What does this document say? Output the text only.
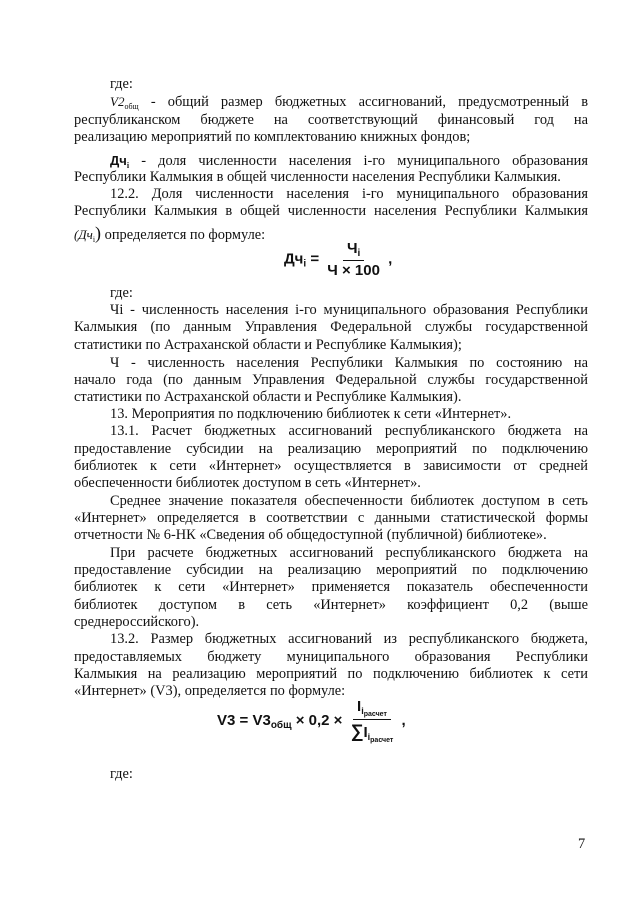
где:
$V2_{общ}$ - общий размер бюджетных ассигнований, предусмотренный в
республиканском бюджете на соответствующий финансовый год на
реализацию мероприятий по комплектованию книжных фондов;
$Дч_i$ - доля численности населения i-го муниципального образования
Республики Калмыкия в общей численности населения Республики Калмыкия.
12.2. Доля численности населения i-го муниципального образования
Республики Калмыкия в общей численности населения Республики Калмыкия
$(Дч_i)$ определяется по формуле:
$Дч_i = \frac{Ч_i}{Ч \times 100}$ ,
где:
Чi - численность населения i-го муниципального образования Республики
Калмыкия (по данным Управления Федеральной службы государственной
статистики по Астраханской области и Республике Калмыкия);
Ч - численность населения Республики Калмыкия по состоянию на
начало года (по данным Управления Федеральной службы государственной
статистики по Астраханской области и Республике Калмыкия).
13. Мероприятия по подключению библиотек к сети «Интернет».
13.1. Расчет бюджетных ассигнований республиканского бюджета на
предоставление субсидии на реализацию мероприятий по подключению
библиотек к сети «Интернет» осуществляется в зависимости от средней
обеспеченности библиотек доступом в сеть «Интернет».
Среднее значение показателя обеспеченности библиотек доступом в сеть
«Интернет» определяется в соответствии с данными статистической формы
отчетности № 6-НК «Сведения об общедоступной (публичной) библиотеке».
При расчете бюджетных ассигнований республиканского бюджета на
предоставление субсидии на реализацию мероприятий по подключению
библиотек к сети «Интернет» применяется показатель обеспеченности
библиотек доступом в сеть «Интернет» коэффициент 0,2 (выше
среднероссийского).
13.2. Размер бюджетных ассигнований из республиканского бюджета,
предоставляемых бюджету муниципального образования Республики
Калмыкия на реализацию мероприятий по подключению библиотек к сети
«Интернет» (V3), определяется по формуле:
$V3 = V3_{общ} \times 0,2 \times \frac{I_{iрасчет}}{\sum I_{iрасчет}}$ ,
где:
7
